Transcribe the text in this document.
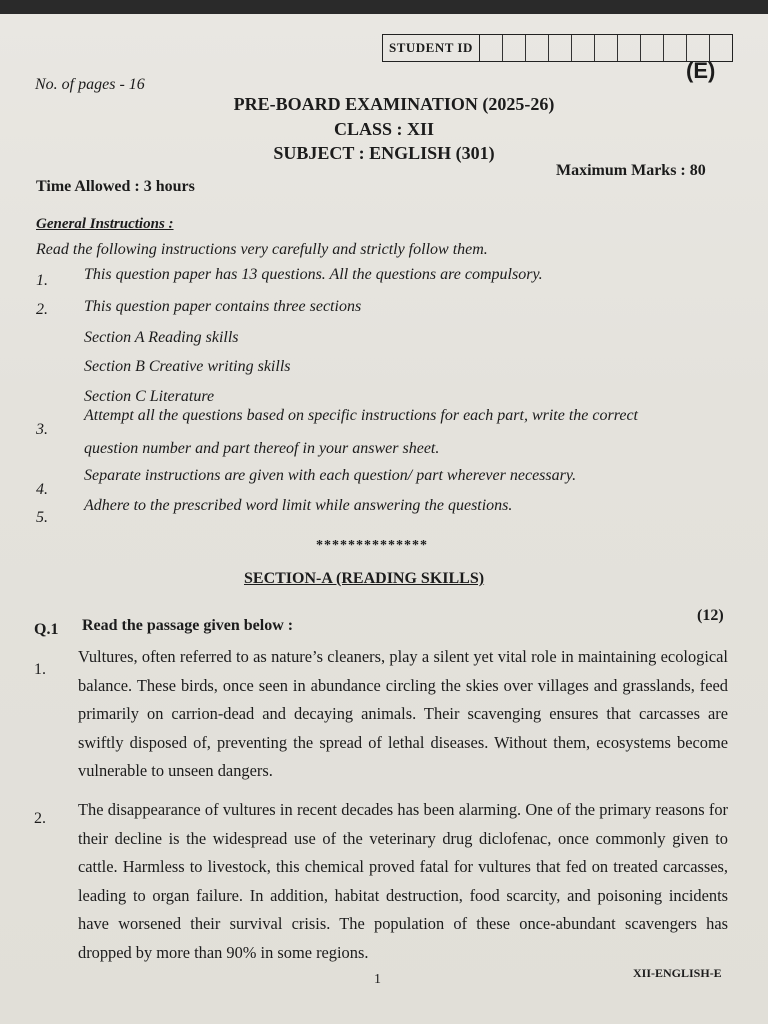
STUDENT ID
(E)
No. of pages - 16
PRE-BOARD EXAMINATION (2025-26)
CLASS : XII
SUBJECT : ENGLISH (301)
Time Allowed : 3 hours
Maximum Marks : 80
General Instructions :
Read the following instructions very carefully and strictly follow them.
1. This question paper has 13 questions. All the questions are compulsory.
2. This question paper contains three sections
Section A Reading skills
Section B Creative writing skills
Section C Literature
3.
Attempt all the questions based on specific instructions for each part, write the correct
question number and part thereof in your answer sheet.
4.
Separate instructions are given with each question/ part wherever necessary.
5.
Adhere to the prescribed word limit while answering the questions.
**************
SECTION-A (READING SKILLS)
Q.1 Read the passage given below :
(12)
1.
Vultures, often referred to as nature’s cleaners, play a silent yet vital role in maintaining ecological balance. These birds, once seen in abundance circling the skies over villages and grasslands, feed primarily on carrion-dead and decaying animals. Their scavenging ensures that carcasses are swiftly disposed of, preventing the spread of lethal diseases. Without them, ecosystems become vulnerable to unseen dangers.
2. The disappearance of vultures in recent decades has been alarming. One of the primary reasons for their decline is the widespread use of the veterinary drug diclofenac, once commonly given to cattle. Harmless to livestock, this chemical proved fatal for vultures that fed on treated carcasses, leading to organ failure. In addition, habitat destruction, food scarcity, and poisoning incidents have worsened their survival crisis. The population of these once-abundant scavengers has dropped by more than 90% in some regions.
1	XII-ENGLISH-E
